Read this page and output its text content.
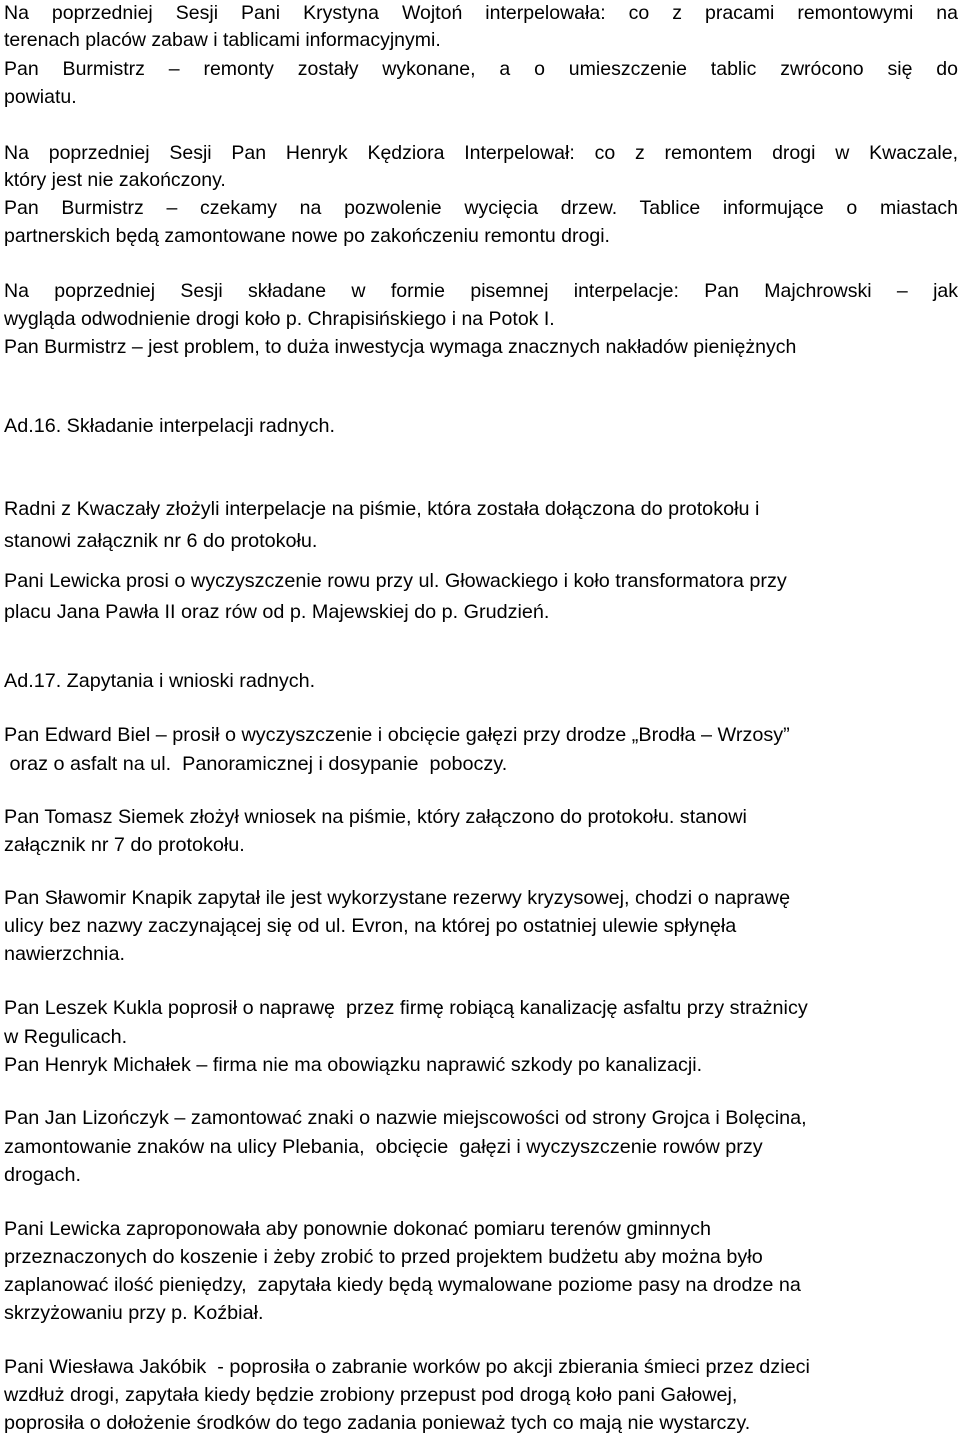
Na poprzedniej Sesji Pani Krystyna Wojtoń interpelowała: co z pracami remontowymi na
terenach placów zabaw i tablicami informacyjnymi.
Pan Burmistrz – remonty zostały wykonane, a o umieszczenie tablic zwrócono się do
powiatu.
Na poprzedniej Sesji Pan Henryk Kędziora Interpelował: co z remontem drogi w Kwaczale,
który jest nie zakończony.
Pan Burmistrz – czekamy na pozwolenie wycięcia drzew. Tablice informujące o miastach
partnerskich będą zamontowane nowe po zakończeniu remontu drogi.
Na poprzedniej Sesji składane w formie pisemnej interpelacje: Pan Majchrowski – jak
wygląda odwodnienie drogi koło p. Chrapisińskiego i na Potok I.
Pan Burmistrz – jest problem, to duża inwestycja wymaga znacznych nakładów pieniężnych
Ad.16. Składanie interpelacji radnych.
Radni z Kwaczały złożyli interpelacje na piśmie, która została dołączona do protokołu i
stanowi załącznik nr 6 do protokołu.
Pani Lewicka prosi o wyczyszczenie rowu przy ul. Głowackiego i koło transformatora przy
placu Jana Pawła II oraz rów od p. Majewskiej do p. Grudzień.
Ad.17. Zapytania i wnioski radnych.
Pan Edward Biel – prosił o wyczyszczenie i obcięcie gałęzi przy drodze „Brodła – Wrzosy”
oraz o asfalt na ul.  Panoramicznej i dosypanie  poboczy.
Pan Tomasz Siemek złożył wniosek na piśmie, który załączono do protokołu. stanowi
załącznik nr 7 do protokołu.
Pan Sławomir Knapik zapytał ile jest wykorzystane rezerwy kryzysowej, chodzi o naprawę
ulicy bez nazwy zaczynającej się od ul. Evron, na której po ostatniej ulewie spłynęła
nawierzchnia.
Pan Leszek Kukla poprosił o naprawę  przez firmę robiącą kanalizację asfaltu przy strażnicy
w Regulicach.
Pan Henryk Michałek – firma nie ma obowiązku naprawić szkody po kanalizacji.
Pan Jan Lizończyk – zamontować znaki o nazwie miejscowości od strony Grojca i Bolęcina,
zamontowanie znaków na ulicy Plebania,  obcięcie  gałęzi i wyczyszczenie rowów przy
drogach.
Pani Lewicka zaproponowała aby ponownie dokonać pomiaru terenów gminnych
przeznaczonych do koszenie i żeby zrobić to przed projektem budżetu aby można było
zaplanować ilość pieniędzy,  zapytała kiedy będą wymalowane poziome pasy na drodze na
skrzyżowaniu przy p. Koźbiał.
Pani Wiesława Jakóbik  - poprosiła o zabranie worków po akcji zbierania śmieci przez dzieci
wzdłuż drogi, zapytała kiedy będzie zrobiony przepust pod drogą koło pani Gałowej,
poprosiła o dołożenie środków do tego zadania ponieważ tych co mają nie wystarczy.
